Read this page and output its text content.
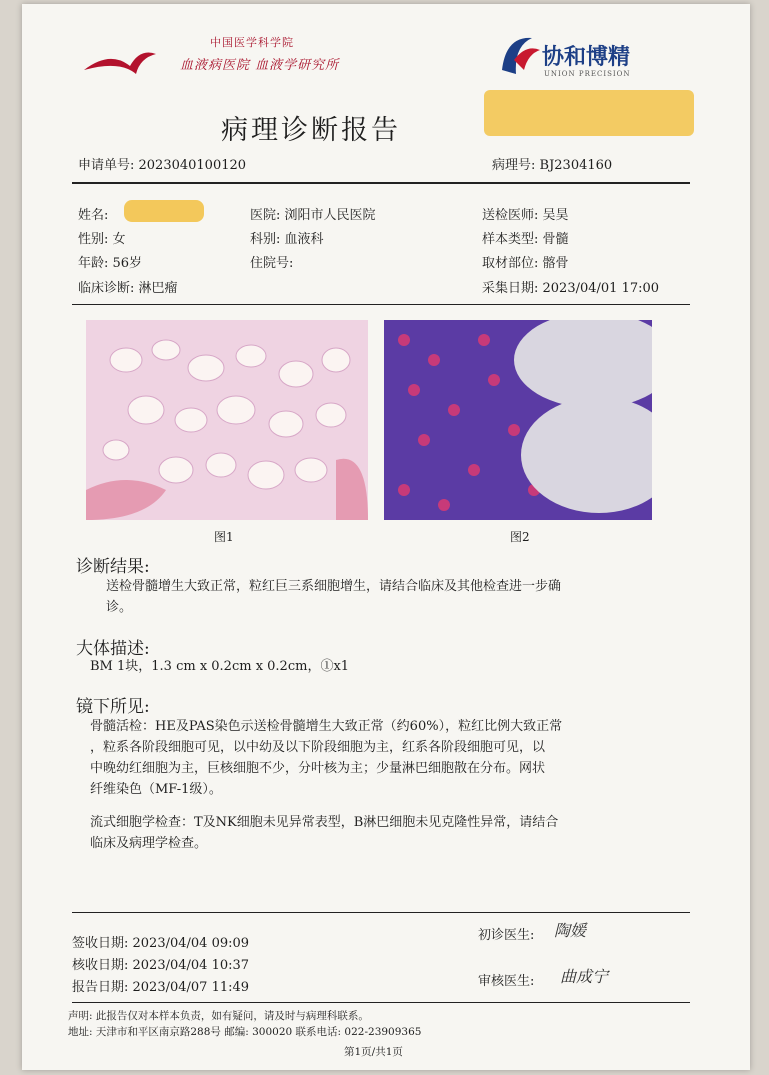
中国医学科学院
血液病医院 血液学研究所	协和博精
UNION PRECISION
病理诊断报告
申请单号: 2023040100120	病理号: BJ2304160
姓名:
性别: 女
年龄: 56岁
临床诊断: 淋巴瘤
医院: 浏阳市人民医院
科别: 血液科
住院号:
送检医师: 吴昊
样本类型: 骨髓
取材部位: 髂骨
采集日期: 2023/04/01 17:00
图1	图2
诊断结果:
送检骨髓增生大致正常，粒红巨三系细胞增生，请结合临床及其他检查进一步确
诊。
大体描述:
BM 1块，1.3 cm x 0.2cm x 0.2cm，①x1
镜下所见:
骨髓活检：HE及PAS染色示送检骨髓增生大致正常（约60%），粒红比例大致正常
，粒系各阶段细胞可见，以中幼及以下阶段细胞为主，红系各阶段细胞可见，以
中晚幼红细胞为主，巨核细胞不少，分叶核为主；少量淋巴细胞散在分布。网状
纤维染色（MF-1级）。
流式细胞学检查：T及NK细胞未见异常表型，B淋巴细胞未见克隆性异常，请结合
临床及病理学检查。
签收日期: 2023/04/04 09:09
核收日期: 2023/04/04 10:37
报告日期: 2023/04/07 11:49
初诊医生: 陶媛
审核医生: 曲成宁
声明: 此报告仅对本样本负责，如有疑问，请及时与病理科联系。
地址: 天津市和平区南京路288号 邮编: 300020 联系电话: 022-23909365
第1页/共1页
